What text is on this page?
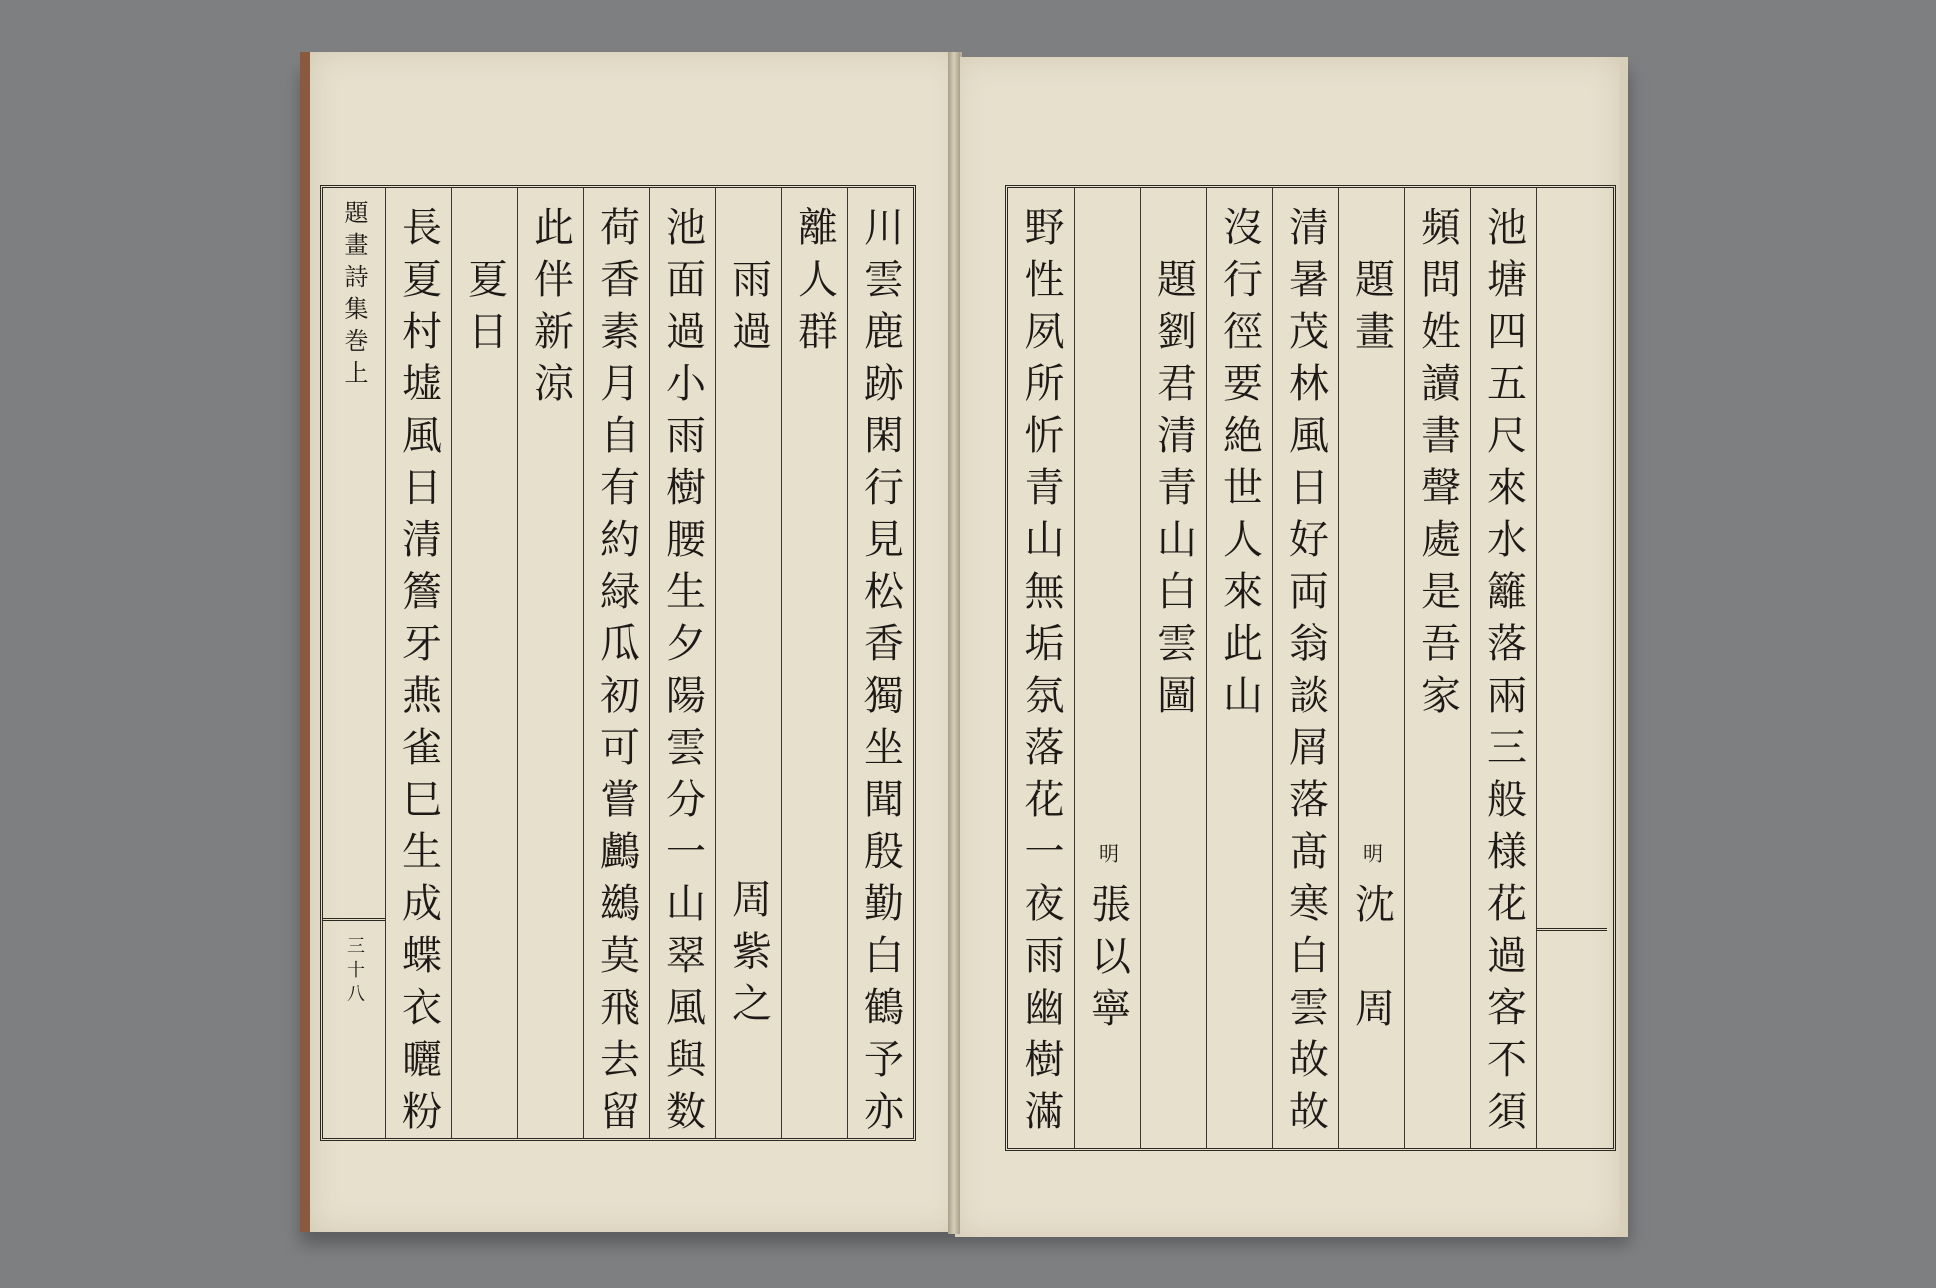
題畫詩集巻上
三十八 長夏村墟風日清簷牙燕雀巳生成蝶衣曬粉 夏日 此伴新涼 荷香素月自有約緑瓜初可嘗鸕鷀莫飛去留 池面過小雨樹腰生夕陽雲分一山翠風與数 雨過
周紫之
離人群 川雲鹿跡閑行見松香獨坐聞殷勤白鶴予亦	野性夙所忻青山無垢氛落花一夜雨幽樹滿 明
張以寧
題劉君清青山白雲圖 沒行徑要絶世人來此山 清暑茂林風日好両翁談屑落髙寒白雲故故 題畫
明
沈　周
頻問姓讀書聲處是吾家 池塘四五尺來水籬落兩三般様花過客不須
